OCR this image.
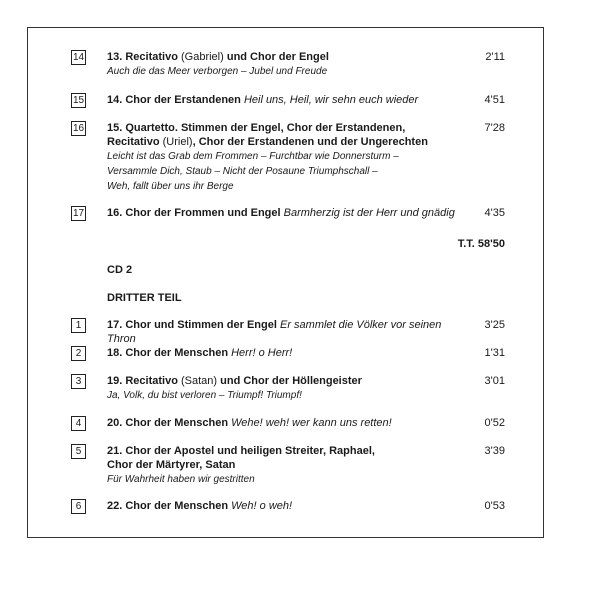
14 13. Recitativo (Gabriel) und Chor der Engel
Auch die das Meer verborgen – Jubel und Freude
2'11
15 14. Chor der Erstandenen Heil uns, Heil, wir sehn euch wieder	4'51
16 15. Quartetto. Stimmen der Engel, Chor der Erstandenen,
Recitativo (Uriel), Chor der Erstandenen und der Ungerechten
Leicht ist das Grab dem Frommen – Furchtbar wie Donnersturm –
Versammle Dich, Staub – Nicht der Posaune Triumphschall –
Weh, fallt über uns ihr Berge
7'28
17 16. Chor der Frommen und Engel Barmherzig ist der Herr und gnädig	4'35
T.T. 58'50
CD 2
DRITTER TEIL
1	17. Chor und Stimmen der Engel Er sammlet die Völker vor seinen Thron
3'25
2	18. Chor der Menschen Herr! o Herr!	1'31
3	19. Recitativo (Satan) und Chor der Höllengeister
Ja, Volk, du bist verloren – Triumpf! Triumpf!
3'01
4	20. Chor der Menschen Wehe! weh! wer kann uns retten!	0'52
5	21. Chor der Apostel und heiligen Streiter, Raphael,
Chor der Märtyrer, Satan
Für Wahrheit haben wir gestritten
3'39
6	22. Chor der Menschen Weh! o weh!	0'53
